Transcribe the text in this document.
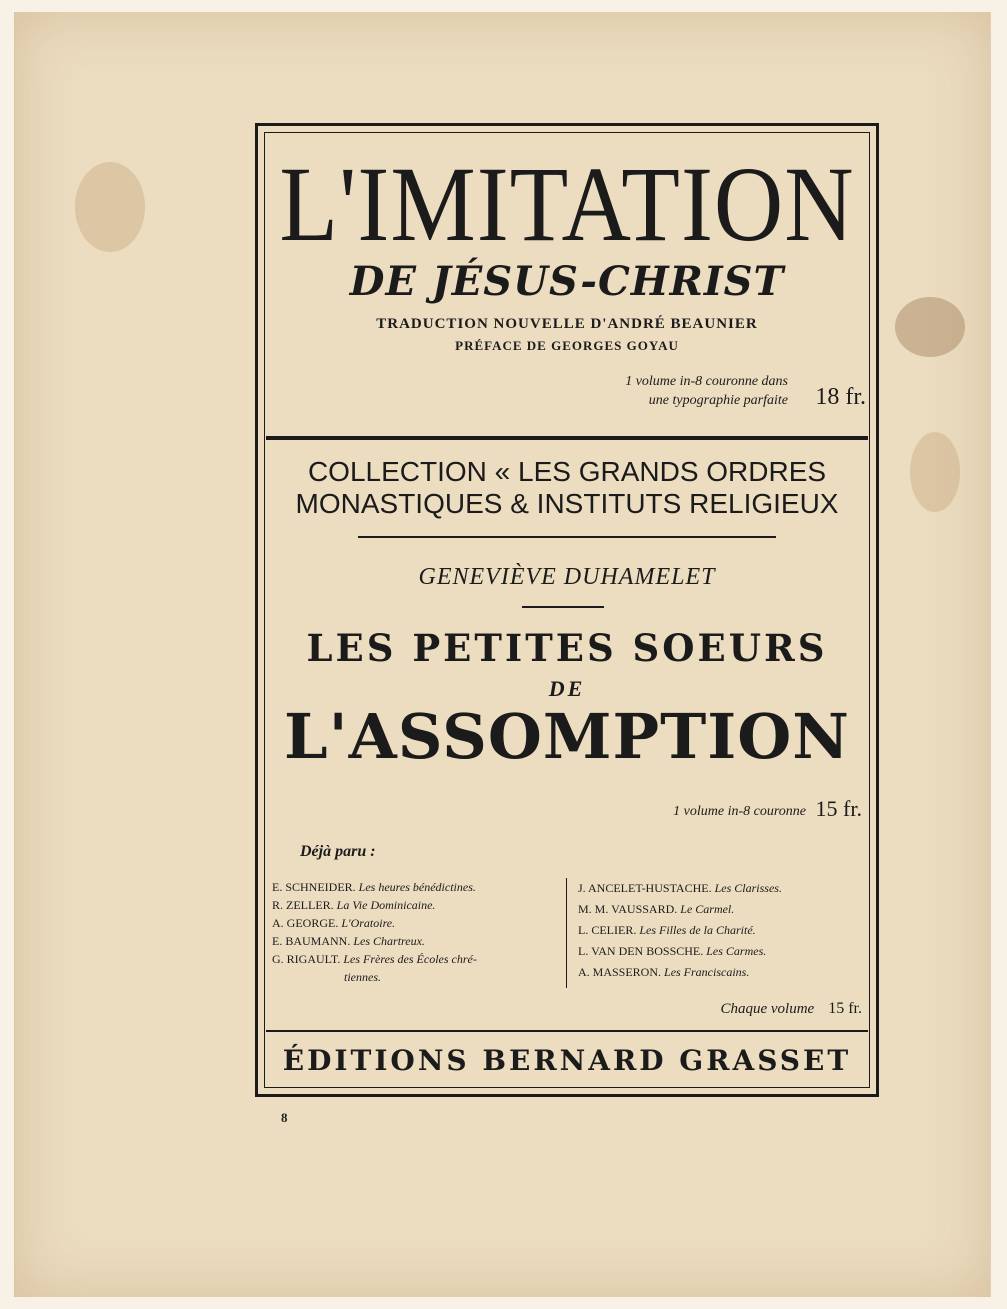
L'IMITATION
DE JÉSUS-CHRIST
TRADUCTION NOUVELLE D'ANDRÉ BEAUNIER
PRÉFACE DE GEORGES GOYAU
1 volume in-8 couronne dans
une typographie parfaite 18 fr.
COLLECTION « LES GRANDS ORDRES
MONASTIQUES & INSTITUTS RELIGIEUX
GENEVIÈVE DUHAMELET
LES PETITES SOEURS
DE
L'ASSOMPTION
1 volume in-8 couronne 15 fr.
Déjà paru :
E. SCHNEIDER. Les heures bénédictines.
R. ZELLER. La Vie Dominicaine.
A. GEORGE. L'Oratoire.
E. BAUMANN. Les Chartreux.
G. RIGAULT. Les Frères des Écoles chré-
tiennes.
J. ANCELET-HUSTACHE. Les Clarisses.
M. M. VAUSSARD. Le Carmel.
L. CELIER. Les Filles de la Charité.
L. VAN DEN BOSSCHE. Les Carmes.
A. MASSERON. Les Franciscains.
Chaque volume 15 fr.
ÉDITIONS BERNARD GRASSET
8
